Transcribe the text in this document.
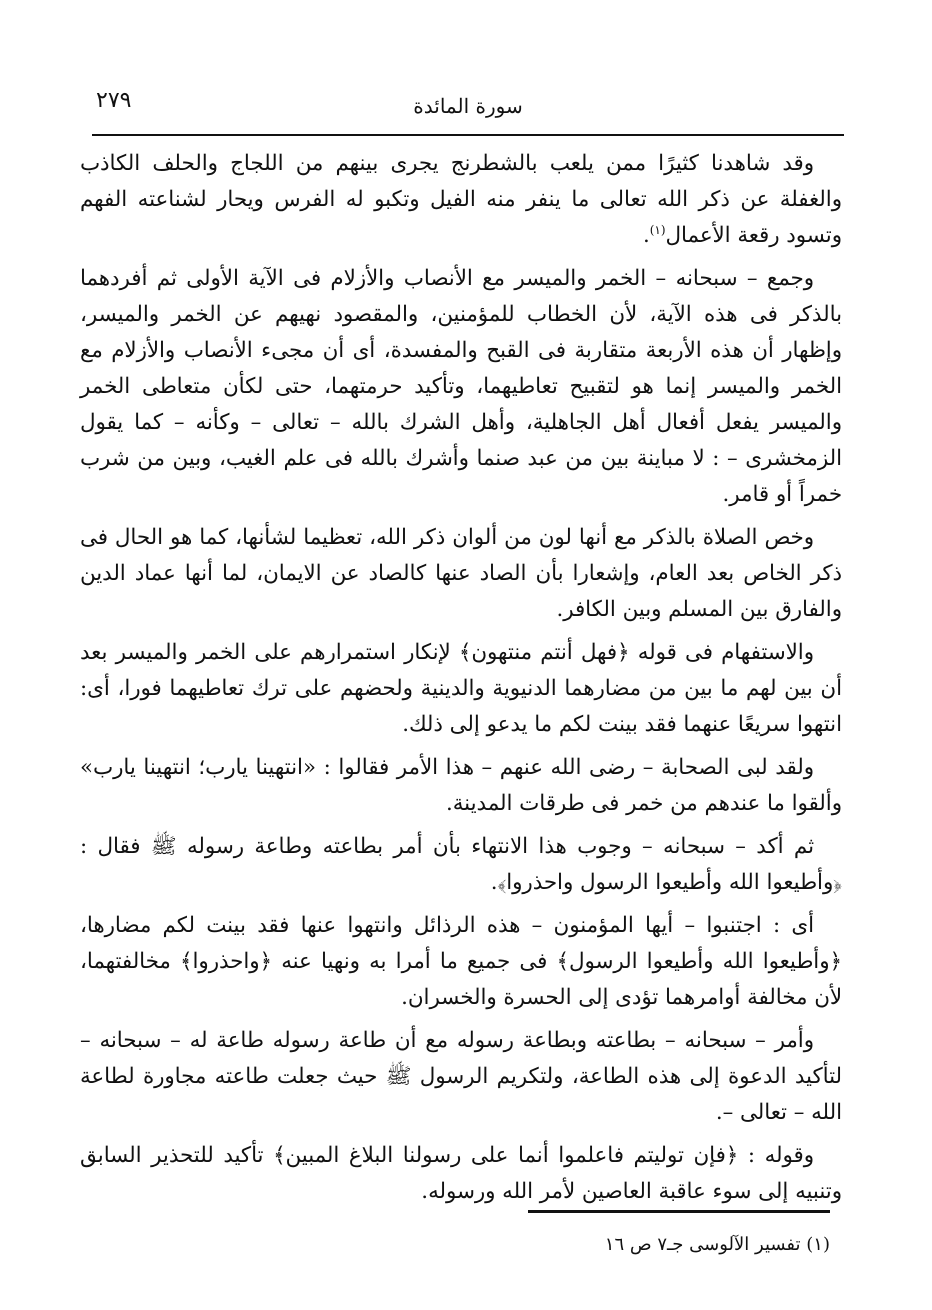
٢٧٩	سورة المائدة

وقد شاهدنا كثيرًا ممن يلعب بالشطرنج يجرى بينهم من اللجاج والحلف الكاذب والغفلة عن ذكر الله تعالى ما ينفر منه الفيل وتكبو له الفرس ويحار لشناعته الفهم وتسود رقعة الأعمال$^{(١)}$.

وجمع – سبحانه – الخمر والميسر مع الأنصاب والأزلام فى الآية الأولى ثم أفردهما بالذكر فى هذه الآية، لأن الخطاب للمؤمنين، والمقصود نهيهم عن الخمر والميسر، وإظهار أن هذه الأربعة متقاربة فى القبح والمفسدة، أى أن مجىء الأنصاب والأزلام مع الخمر والميسر إنما هو لتقبيح تعاطيهما، وتأكيد حرمتهما، حتى لكأن متعاطى الخمر والميسر يفعل أفعال أهل الجاهلية، وأهل الشرك بالله – تعالى – وكأنه – كما يقول الزمخشرى – : لا مباينة بين من عبد صنما وأشرك بالله فى علم الغيب، وبين من شرب خمراً أو قامر.

وخص الصلاة بالذكر مع أنها لون من ألوان ذكر الله، تعظيما لشأنها، كما هو الحال فى ذكر الخاص بعد العام، وإشعارا بأن الصاد عنها كالصاد عن الايمان، لما أنها عماد الدين والفارق بين المسلم وبين الكافر.

والاستفهام فى قوله ﴿فهل أنتم منتهون﴾ لإنكار استمرارهم على الخمر والميسر بعد أن بين لهم ما بين من مضارهما الدنيوية والدينية ولحضهم على ترك تعاطيهما فورا، أى: انتهوا سريعًا عنهما فقد بينت لكم ما يدعو إلى ذلك.

ولقد لبى الصحابة – رضى الله عنهم – هذا الأمر فقالوا : «انتهينا يارب؛ انتهينا يارب» وألقوا ما عندهم من خمر فى طرقات المدينة.

ثم أكد – سبحانه – وجوب هذا الانتهاء بأن أمر بطاعته وطاعة رسوله ﷺ فقال : ﴿وأطيعوا الله وأطيعوا الرسول واحذروا﴾.

أى : اجتنبوا – أيها المؤمنون – هذه الرذائل وانتهوا عنها فقد بينت لكم مضارها، ﴿وأطيعوا الله وأطيعوا الرسول﴾ فى جميع ما أمرا به ونهيا عنه ﴿واحذروا﴾ مخالفتهما، لأن مخالفة أوامرهما تؤدى إلى الحسرة والخسران.

وأمر – سبحانه – بطاعته وبطاعة رسوله مع أن طاعة رسوله طاعة له – سبحانه – لتأكيد الدعوة إلى هذه الطاعة، ولتكريم الرسول ﷺ حيث جعلت طاعته مجاورة لطاعة الله – تعالى –.

وقوله : ﴿فإن توليتم فاعلموا أنما على رسولنا البلاغ المبين﴾ تأكيد للتحذير السابق وتنبيه إلى سوء عاقبة العاصين لأمر الله ورسوله.

(١) تفسير الآلوسى جـ٧ ص ١٦
